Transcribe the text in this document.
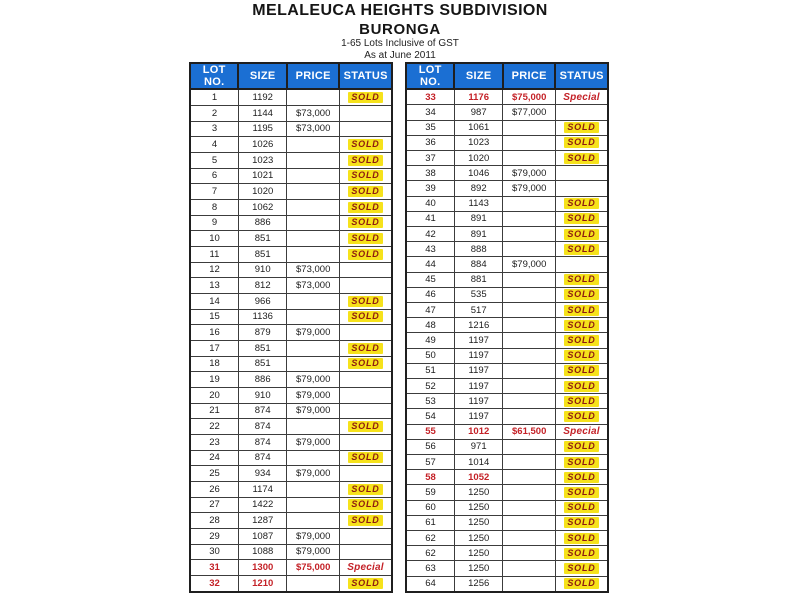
MELALEUCA HEIGHTS SUBDIVISION
BURONGA
1-65 Lots Inclusive of GST
As at June 2011
LOT NO.	SIZE	PRICE	STATUS
1	1192		SOLD
2	1144	$73,000	
3	1195	$73,000	
4	1026		SOLD
5	1023		SOLD
6	1021		SOLD
7	1020		SOLD
8	1062		SOLD
9	886		SOLD
10	851		SOLD
11	851		SOLD
12	910	$73,000	
13	812	$73,000	
14	966		SOLD
15	1136		SOLD
16	879	$79,000	
17	851		SOLD
18	851		SOLD
19	886	$79,000	
20	910	$79,000	
21	874	$79,000	
22	874		SOLD
23	874	$79,000	
24	874		SOLD
25	934	$79,000	
26	1174		SOLD
27	1422		SOLD
28	1287		SOLD
29	1087	$79,000	
30	1088	$79,000	
31	1300	$75,000	Special
32	1210		SOLD
LOT NO.	SIZE	PRICE	STATUS
33	1176	$75,000	Special
34	987	$77,000	
35	1061		SOLD
36	1023		SOLD
37	1020		SOLD
38	1046	$79,000	
39	892	$79,000	
40	1143		SOLD
41	891		SOLD
42	891		SOLD
43	888		SOLD
44	884	$79,000	
45	881		SOLD
46	535		SOLD
47	517		SOLD
48	1216		SOLD
49	1197		SOLD
50	1197		SOLD
51	1197		SOLD
52	1197		SOLD
53	1197		SOLD
54	1197		SOLD
55	1012	$61,500	Special
56	971		SOLD
57	1014		SOLD
58	1052		SOLD
59	1250		SOLD
60	1250		SOLD
61	1250		SOLD
62	1250		SOLD
62	1250		SOLD
63	1250		SOLD
64	1256		SOLD
